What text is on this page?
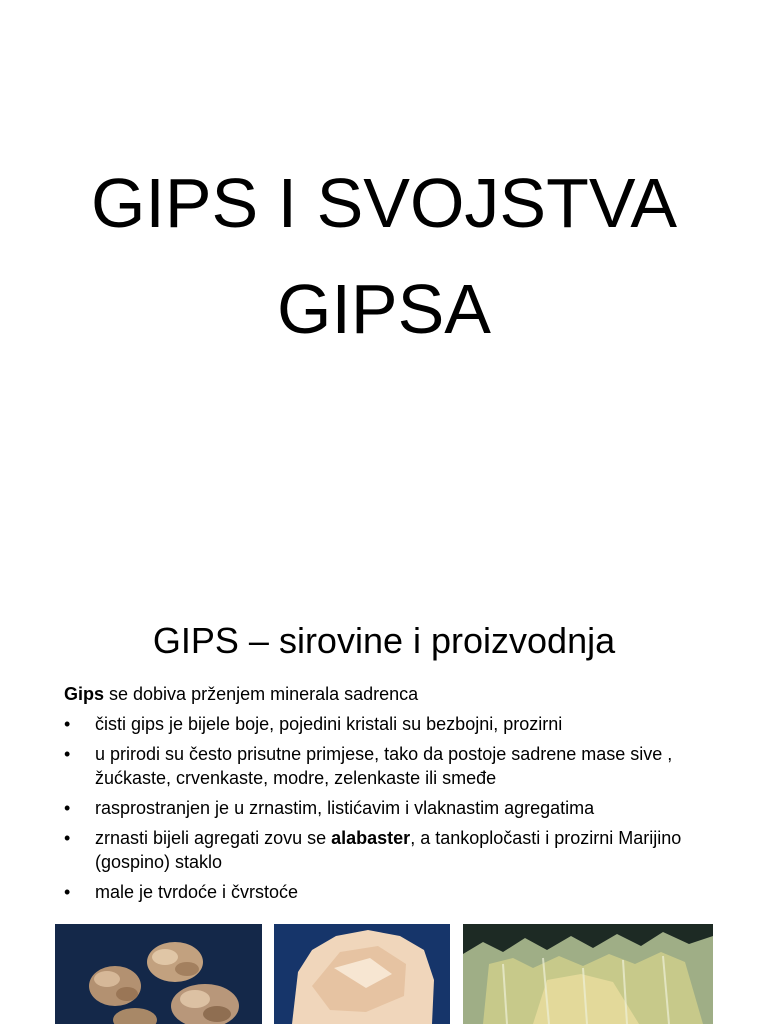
GIPS I SVOJSTVA
GIPSA
GIPS – sirovine i proizvodnja

Gips se dobiva prženjem minerala sadrenca

• čisti gips je bijele boje, pojedini kristali su bezbojni, prozirni
• u prirodi su često prisutne primjese, tako da postoje sadrene mase sive , žućkaste, crvenkaste, modre, zelenkaste ili smeđe
• rasprostranjen je u zrnastim, listićavim i vlaknastim agregatima
• zrnasti bijeli agregati zovu se alabaster, a tankopločasti i prozirni Marijino (gospino) staklo
• male je tvrdoće i čvrstoće
